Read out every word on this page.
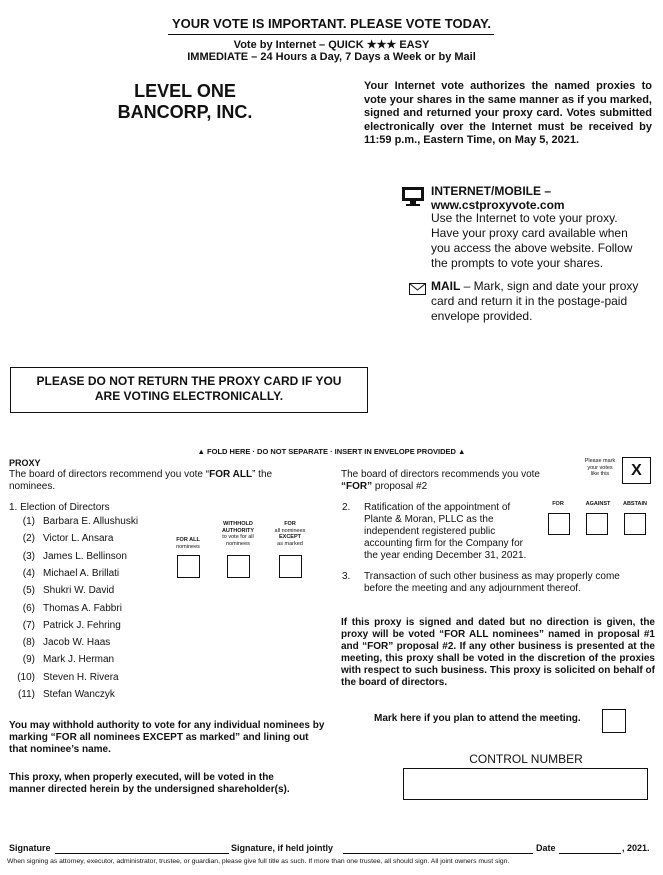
YOUR VOTE IS IMPORTANT. PLEASE VOTE TODAY.
Vote by Internet – QUICK ★★★ EASY
IMMEDIATE – 24 Hours a Day, 7 Days a Week or by Mail
LEVEL ONE
BANCORP, INC.
Your Internet vote authorizes the named proxies to vote your shares in the same manner as if you marked, signed and returned your proxy card. Votes submitted electronically over the Internet must be received by 11:59 p.m., Eastern Time, on May 5, 2021.
INTERNET/MOBILE –
www.cstproxyvote.com
Use the Internet to vote your proxy. Have your proxy card available when you access the above website. Follow the prompts to vote your shares.
MAIL – Mark, sign and date your proxy card and return it in the postage-paid envelope provided.
PLEASE DO NOT RETURN THE PROXY CARD IF YOU
ARE VOTING ELECTRONICALLY.
▲ FOLD HERE · DO NOT SEPARATE · INSERT IN ENVELOPE PROVIDED ▲
PROXY
The board of directors recommend you vote “FOR ALL” the nominees.
1. Election of Directors
(1) Barbara E. Allushuski
(2) Victor L. Ansara
(3) James L. Bellinson
(4) Michael A. Brillati
(5) Shukri W. David
(6) Thomas A. Fabbri
(7) Patrick J. Fehring
(8) Jacob W. Haas
(9) Mark J. Herman
(10) Steven H. Rivera
(11) Stefan Wanczyk
FOR ALL
nominees
WITHHOLD AUTHORITY
to vote for all nominees
FOR
all nominees
EXCEPT
as marked
You may withhold authority to vote for any individual nominees by marking “FOR all nominees EXCEPT as marked” and lining out that nominee’s name.
This proxy, when properly executed, will be voted in the manner directed herein by the undersigned shareholder(s).
Please mark your votes like this	X
The board of directors recommends you vote
“FOR” proposal #2
2. Ratification of the appointment of Plante & Moran, PLLC as the independent registered public accounting firm for the Company for the year ending December 31, 2021.
FOR	AGAINST	ABSTAIN
3. Transaction of such other business as may properly come before the meeting and any adjournment thereof.
If this proxy is signed and dated but no direction is given, the proxy will be voted “FOR ALL nominees” named in proposal #1 and “FOR” proposal #2. If any other business is presented at the meeting, this proxy shall be voted in the discretion of the proxies with respect to such business. This proxy is solicited on behalf of the board of directors.
Mark here if you plan to attend the meeting.
CONTROL NUMBER
Signature	Signature, if held jointly	Date	, 2021.
When signing as attorney, executor, administrator, trustee, or guardian, please give full title as such. If more than one trustee, all should sign. All joint owners must sign.
